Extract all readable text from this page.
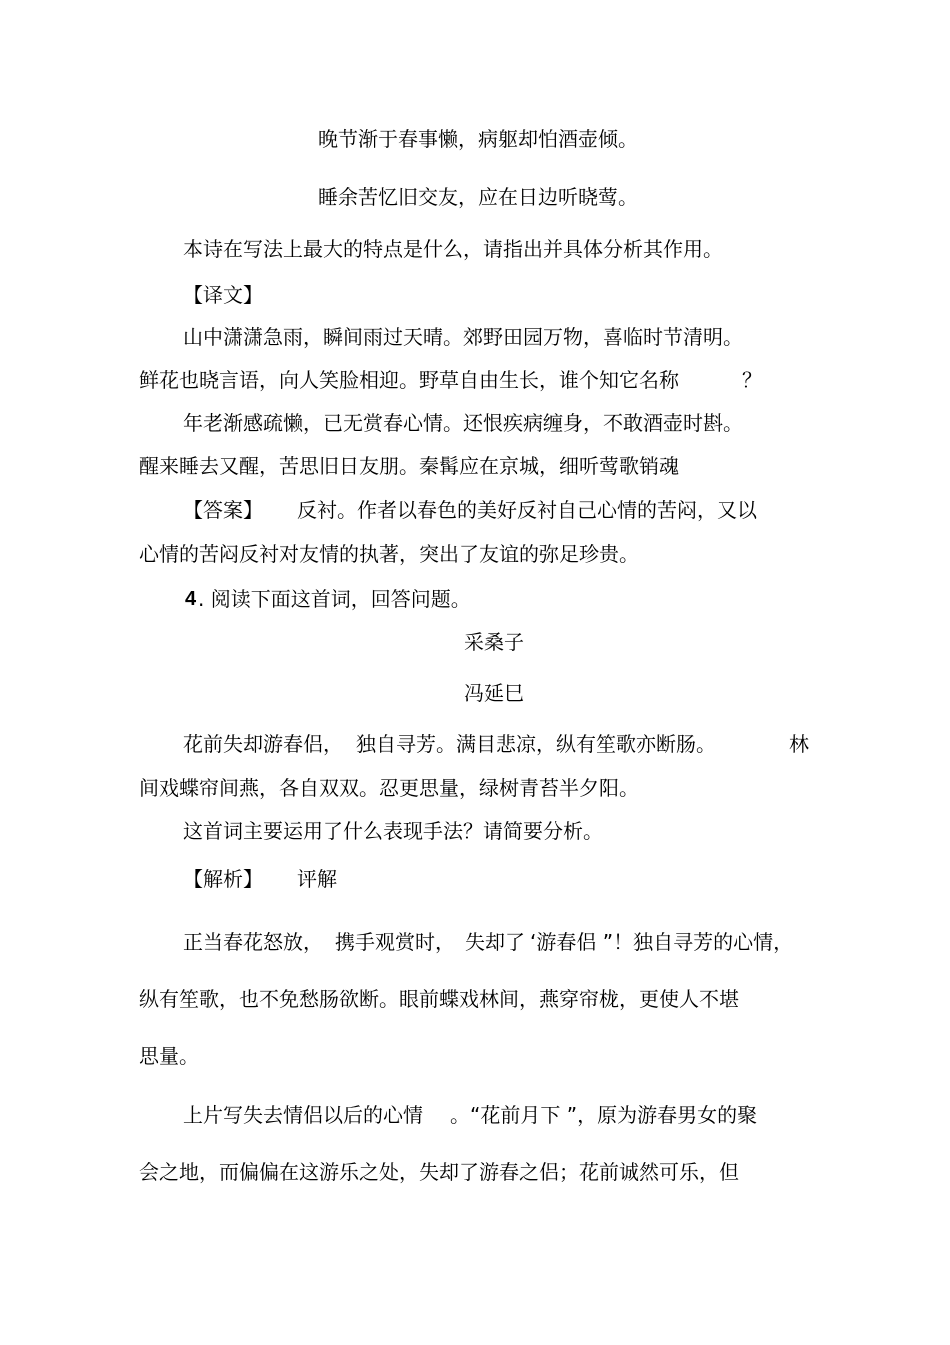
晚节渐于春事懒，病躯却怕酒壶倾。

睡余苦忆旧交友，应在日边听晓莺。

本诗在写法上最大的特点是什么，请指出并具体分析其作用。

【译文】

山中潇潇急雨，瞬间雨过天晴。郊野田园万物，喜临时节清明。

鲜花也晓言语，向人笑脸相迎。野草自由生长，谁个知它名称	？

年老渐感疏懒，已无赏春心情。还恨疾病缠身，不敢酒壶时斟。

醒来睡去又醒，苦思旧日友朋。秦髯应在京城，细听莺歌销魂

【答案】 反衬。作者以春色的美好反衬自己心情的苦闷，又以

心情的苦闷反衬对友情的执著，突出了友谊的弥足珍贵。

4 . 阅读下面这首词，回答问题。

采桑子

冯延巳

花前失却游春侣， 独自寻芳。满目悲凉，纵有笙歌亦断肠。	林

间戏蝶帘间燕，各自双双。忍更思量，绿树青苔半夕阳。

这首词主要运用了什么表现手法？请简要分析。

【解析】 评解

正当春花怒放， 携手观赏时， 失却了 ‘游春侣 ”！独自寻芳的心情，

纵有笙歌，也不免愁肠欲断。眼前蝶戏林间，燕穿帘栊，更使人不堪

思量。

上片写失去情侣以后的心情 。“花前月下 ”，原为游春男女的聚

会之地，而偏偏在这游乐之处，失却了游春之侣；花前诚然可乐，但
